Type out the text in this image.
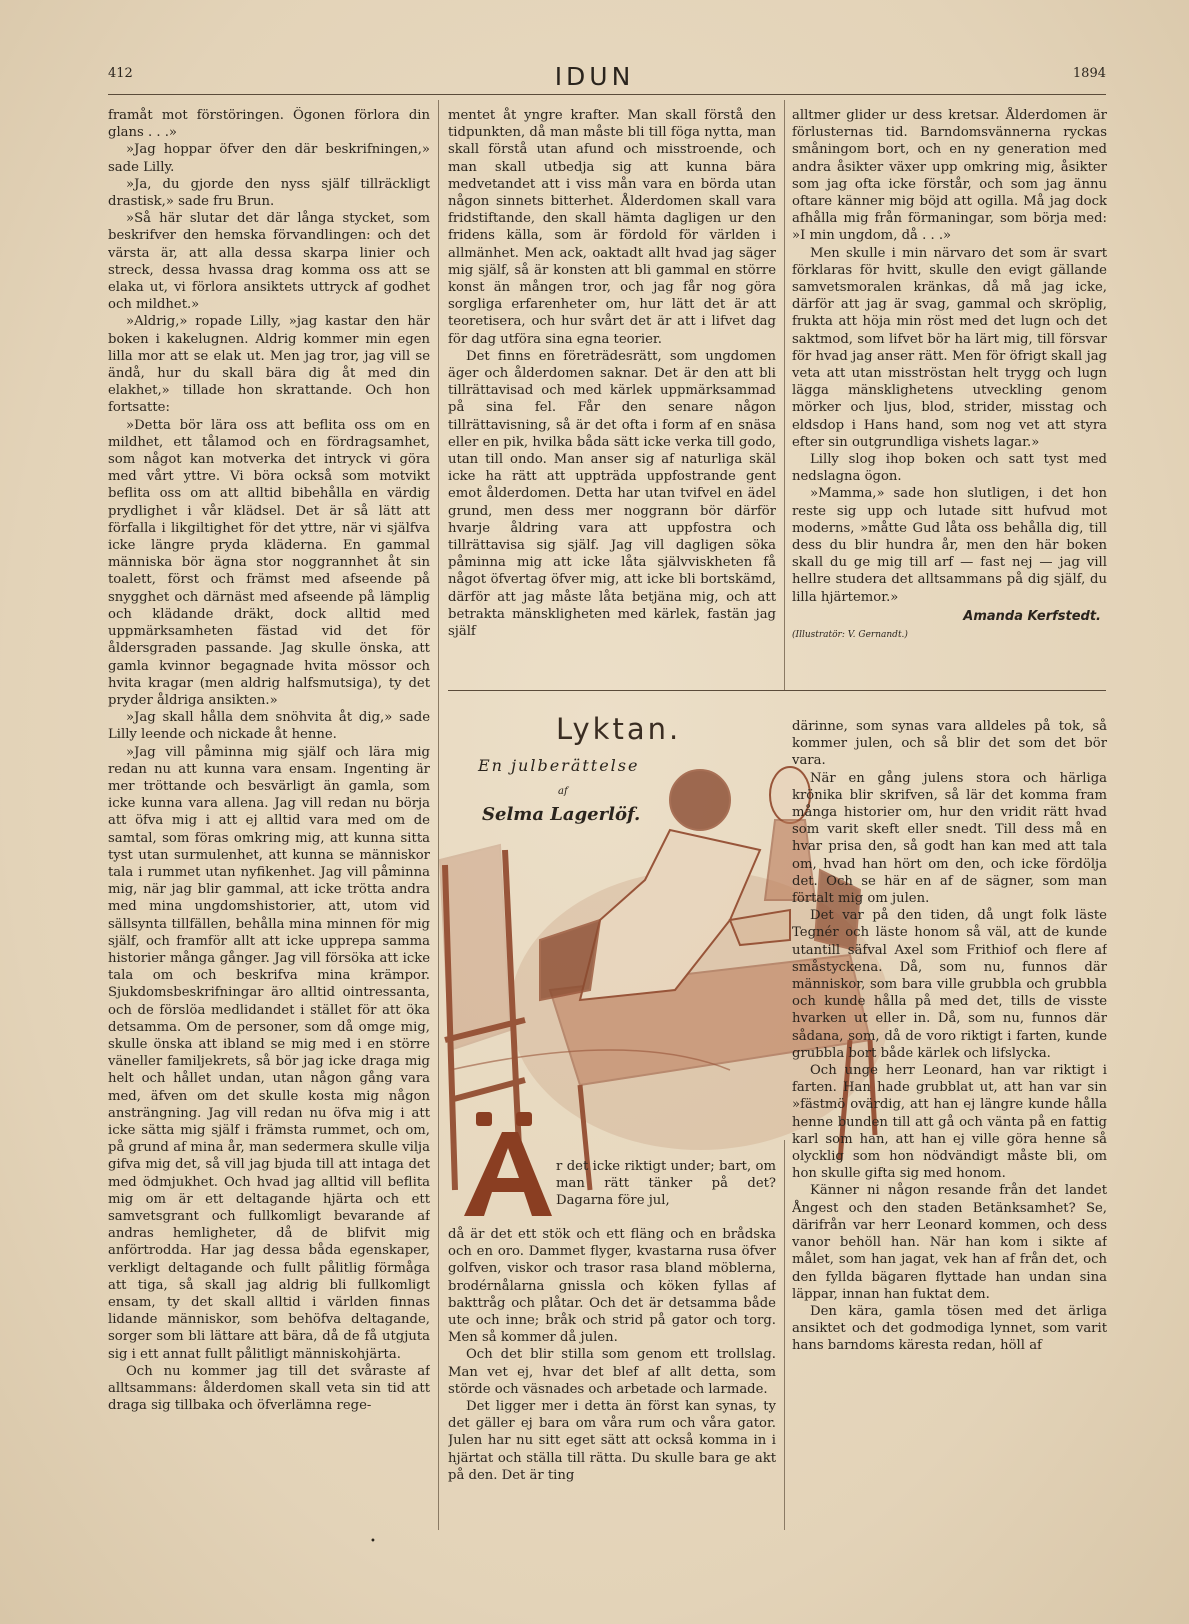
412	IDUN	1894

framåt mot förstöringen. Ögonen förlora din glans . . .»

»Jag hoppar öfver den där beskrifningen,» sade Lilly.

»Ja, du gjorde den nyss själf tillräckligt drastisk,» sade fru Brun.

»Så här slutar det där långa stycket, som beskrifver den hemska förvandlingen: och det värsta är, att alla dessa skarpa linier och streck, dessa hvassa drag komma oss att se elaka ut, vi förlora ansiktets uttryck af godhet och mildhet.»

»Aldrig,» ropade Lilly, »jag kastar den här boken i kakelugnen. Aldrig kommer min egen lilla mor att se elak ut. Men jag tror, jag vill se ändå, hur du skall bära dig åt med din elakhet,» tillade hon skrattande. Och hon fortsatte:

»Detta bör lära oss att beflita oss om en mildhet, ett tålamod och en fördragsamhet, som något kan motverka det intryck vi göra med vårt yttre. Vi böra också som motvikt beflita oss om att alltid bibehålla en värdig prydlighet i vår klädsel. Det är så lätt att förfalla i likgiltighet för det yttre, när vi själfva icke längre pryda kläderna. En gammal människa bör ägna stor noggrannhet åt sin toalett, först och främst med afseende på snygghet och därnäst med afseende på lämplig och klädande dräkt, dock alltid med uppmärksamheten fästad vid det för åldersgraden passande. Jag skulle önska, att gamla kvinnor begagnade hvita mössor och hvita kragar (men aldrig halfsmutsiga), ty det pryder åldriga ansikten.»

»Jag skall hålla dem snöhvita åt dig,» sade Lilly leende och nickade åt henne.

»Jag vill påminna mig själf och lära mig redan nu att kunna vara ensam. Ingenting är mer tröttande och besvärligt än gamla, som icke kunna vara allena. Jag vill redan nu börja att öfva mig i att ej alltid vara med om de samtal, som föras omkring mig, att kunna sitta tyst utan surmulenhet, att kunna se människor tala i rummet utan nyfikenhet. Jag vill påminna mig, när jag blir gammal, att icke trötta andra med mina ungdomshistorier, att, utom vid sällsynta tillfällen, behålla mina minnen för mig själf, och framför allt att icke upprepa samma historier många gånger. Jag vill försöka att icke tala om och beskrifva mina krämpor. Sjukdomsbeskrifningar äro alltid ointressanta, och de förslöa medlidandet i stället för att öka detsamma. Om de personer, som då omge mig, skulle önska att ibland se mig med i en större väneller familjekrets, så bör jag icke draga mig helt och hållet undan, utan någon gång vara med, äfven om det skulle kosta mig någon ansträngning. Jag vill redan nu öfva mig i att icke sätta mig själf i främsta rummet, och om, på grund af mina år, man sedermera skulle vilja gifva mig det, så vill jag bjuda till att intaga det med ödmjukhet. Och hvad jag alltid vill beflita mig om är ett deltagande hjärta och ett samvetsgrant och fullkomligt bevarande af andras hemligheter, då de blifvit mig anförtrodda. Har jag dessa båda egenskaper, verkligt deltagande och fullt pålitlig förmåga att tiga, så skall jag aldrig bli fullkomligt ensam, ty det skall alltid i världen finnas lidande människor, som behöfva deltagande, sorger som bli lättare att bära, då de få utgjuta sig i ett annat fullt pålitligt människohjärta.

Och nu kommer jag till det svåraste af alltsammans: ålderdomen skall veta sin tid att draga sig tillbaka och öfverlämna rege-

mentet åt yngre krafter. Man skall förstå den tidpunkten, då man måste bli till föga nytta, man skall förstå utan afund och misstroende, och man skall utbedja sig att kunna bära medvetandet att i viss mån vara en börda utan någon sinnets bitterhet. Ålderdomen skall vara fridstiftande, den skall hämta dagligen ur den fridens källa, som är fördold för världen i allmänhet. Men ack, oaktadt allt hvad jag säger mig själf, så är konsten att bli gammal en större konst än mången tror, och jag får nog göra sorgliga erfarenheter om, hur lätt det är att teoretisera, och hur svårt det är att i lifvet dag för dag utföra sina egna teorier.

Det finns en företrädesrätt, som ungdomen äger och ålderdomen saknar. Det är den att bli tillrättavisad och med kärlek uppmärksammad på sina fel. Får den senare någon tillrättavisning, så är det ofta i form af en snäsa eller en pik, hvilka båda sätt icke verka till godo, utan till ondo. Man anser sig af naturliga skäl icke ha rätt att uppträda uppfostrande gent emot ålderdomen. Detta har utan tvifvel en ädel grund, men dess mer noggrann bör därför hvarje åldring vara att uppfostra och tillrättavisa sig själf. Jag vill dagligen söka påminna mig att icke låta självviskheten få något öfvertag öfver mig, att icke bli bortskämd, därför att jag måste låta betjäna mig, och att betrakta mänskligheten med kärlek, fastän jag själf

alltmer glider ur dess kretsar. Ålderdomen är förlusternas tid. Barndomsvännerna ryckas småningom bort, och en ny generation med andra åsikter växer upp omkring mig, åsikter som jag ofta icke förstår, och som jag ännu oftare känner mig böjd att ogilla. Må jag dock afhålla mig från förmaningar, som börja med: »I min ungdom, då . . .»

Men skulle i min närvaro det som är svart förklaras för hvitt, skulle den evigt gällande samvetsmoralen kränkas, då må jag icke, därför att jag är svag, gammal och skröplig, frukta att höja min röst med det lugn och det saktmod, som lifvet bör ha lärt mig, till försvar för hvad jag anser rätt. Men för öfrigt skall jag veta att utan misströstan helt trygg och lugn lägga mänsklighetens utveckling genom mörker och ljus, blod, strider, misstag och eldsdop i Hans hand, som nog vet att styra efter sin outgrundliga vishets lagar.»

Lilly slog ihop boken och satt tyst med nedslagna ögon.

»Mamma,» sade hon slutligen, i det hon reste sig upp och lutade sitt hufvud mot moderns, »måtte Gud låta oss behålla dig, till dess du blir hundra år, men den här boken skall du ge mig till arf — fast nej — jag vill hellre studera det alltsammans på dig själf, du lilla hjärtemor.»

Amanda Kerfstedt.
(Illustratör: V. Gernandt.)
Lyktan.
En julberättelse
af
Selma Lagerlöf.

r det icke riktigt under; bart, om man rätt tänker på det? Dagarna före jul,

då är det ett stök och ett fläng och en brådska och en oro. Dammet flyger, kvastarna rusa öfver golfven, viskor och trasor rasa bland möblerna, brodérnålarna gnissla och köken fyllas af bakttråg och plåtar. Och det är detsamma både ute och inne; bråk och strid på gator och torg. Men så kommer då julen.

Och det blir stilla som genom ett trollslag. Man vet ej, hvar det blef af allt detta, som störde och väsnades och arbetade och larmade.

Det ligger mer i detta än först kan synas, ty det gäller ej bara om våra rum och våra gator. Julen har nu sitt eget sätt att också komma in i hjärtat och ställa till rätta. Du skulle bara ge akt på den. Det är ting

därinne, som synas vara alldeles på tok, så kommer julen, och så blir det som det bör vara.

När en gång julens stora och härliga krönika blir skrifven, så lär det komma fram många historier om, hur den vridit rätt hvad som varit skeft eller snedt. Till dess må en hvar prisa den, så godt han kan med att tala om, hvad han hört om den, och icke fördölja det. Och se här en af de sägner, som man förtalt mig om julen.

Det var på den tiden, då ungt folk läste Tegnér och läste honom så väl, att de kunde utantill säfval Axel som Frithiof och flere af småstyckena. Då, som nu, funnos där människor, som bara ville grubbla och grubbla och kunde hålla på med det, tills de visste hvarken ut eller in. Då, som nu, funnos där sådana, som, då de voro riktigt i farten, kunde grubbla bort både kärlek och lifslycka.

Och unge herr Leonard, han var riktigt i farten. Han hade grubblat ut, att han var sin »fästmö ovärdig, att han ej längre kunde hålla henne bunden till att gå och vänta på en fattig karl som han, att han ej ville göra henne så olycklig som hon nödvändigt måste bli, om hon skulle gifta sig med honom.

Känner ni någon resande från det landet Ångest och den staden Betänksamhet? Se, därifrån var herr Leonard kommen, och dess vanor behöll han. När han kom i sikte af målet, som han jagat, vek han af från det, och den fyllda bägaren flyttade han undan sina läppar, innan han fuktat dem.

Den kära, gamla tösen med det ärliga ansiktet och det godmodiga lynnet, som varit hans barndoms käresta redan, höll af

•
